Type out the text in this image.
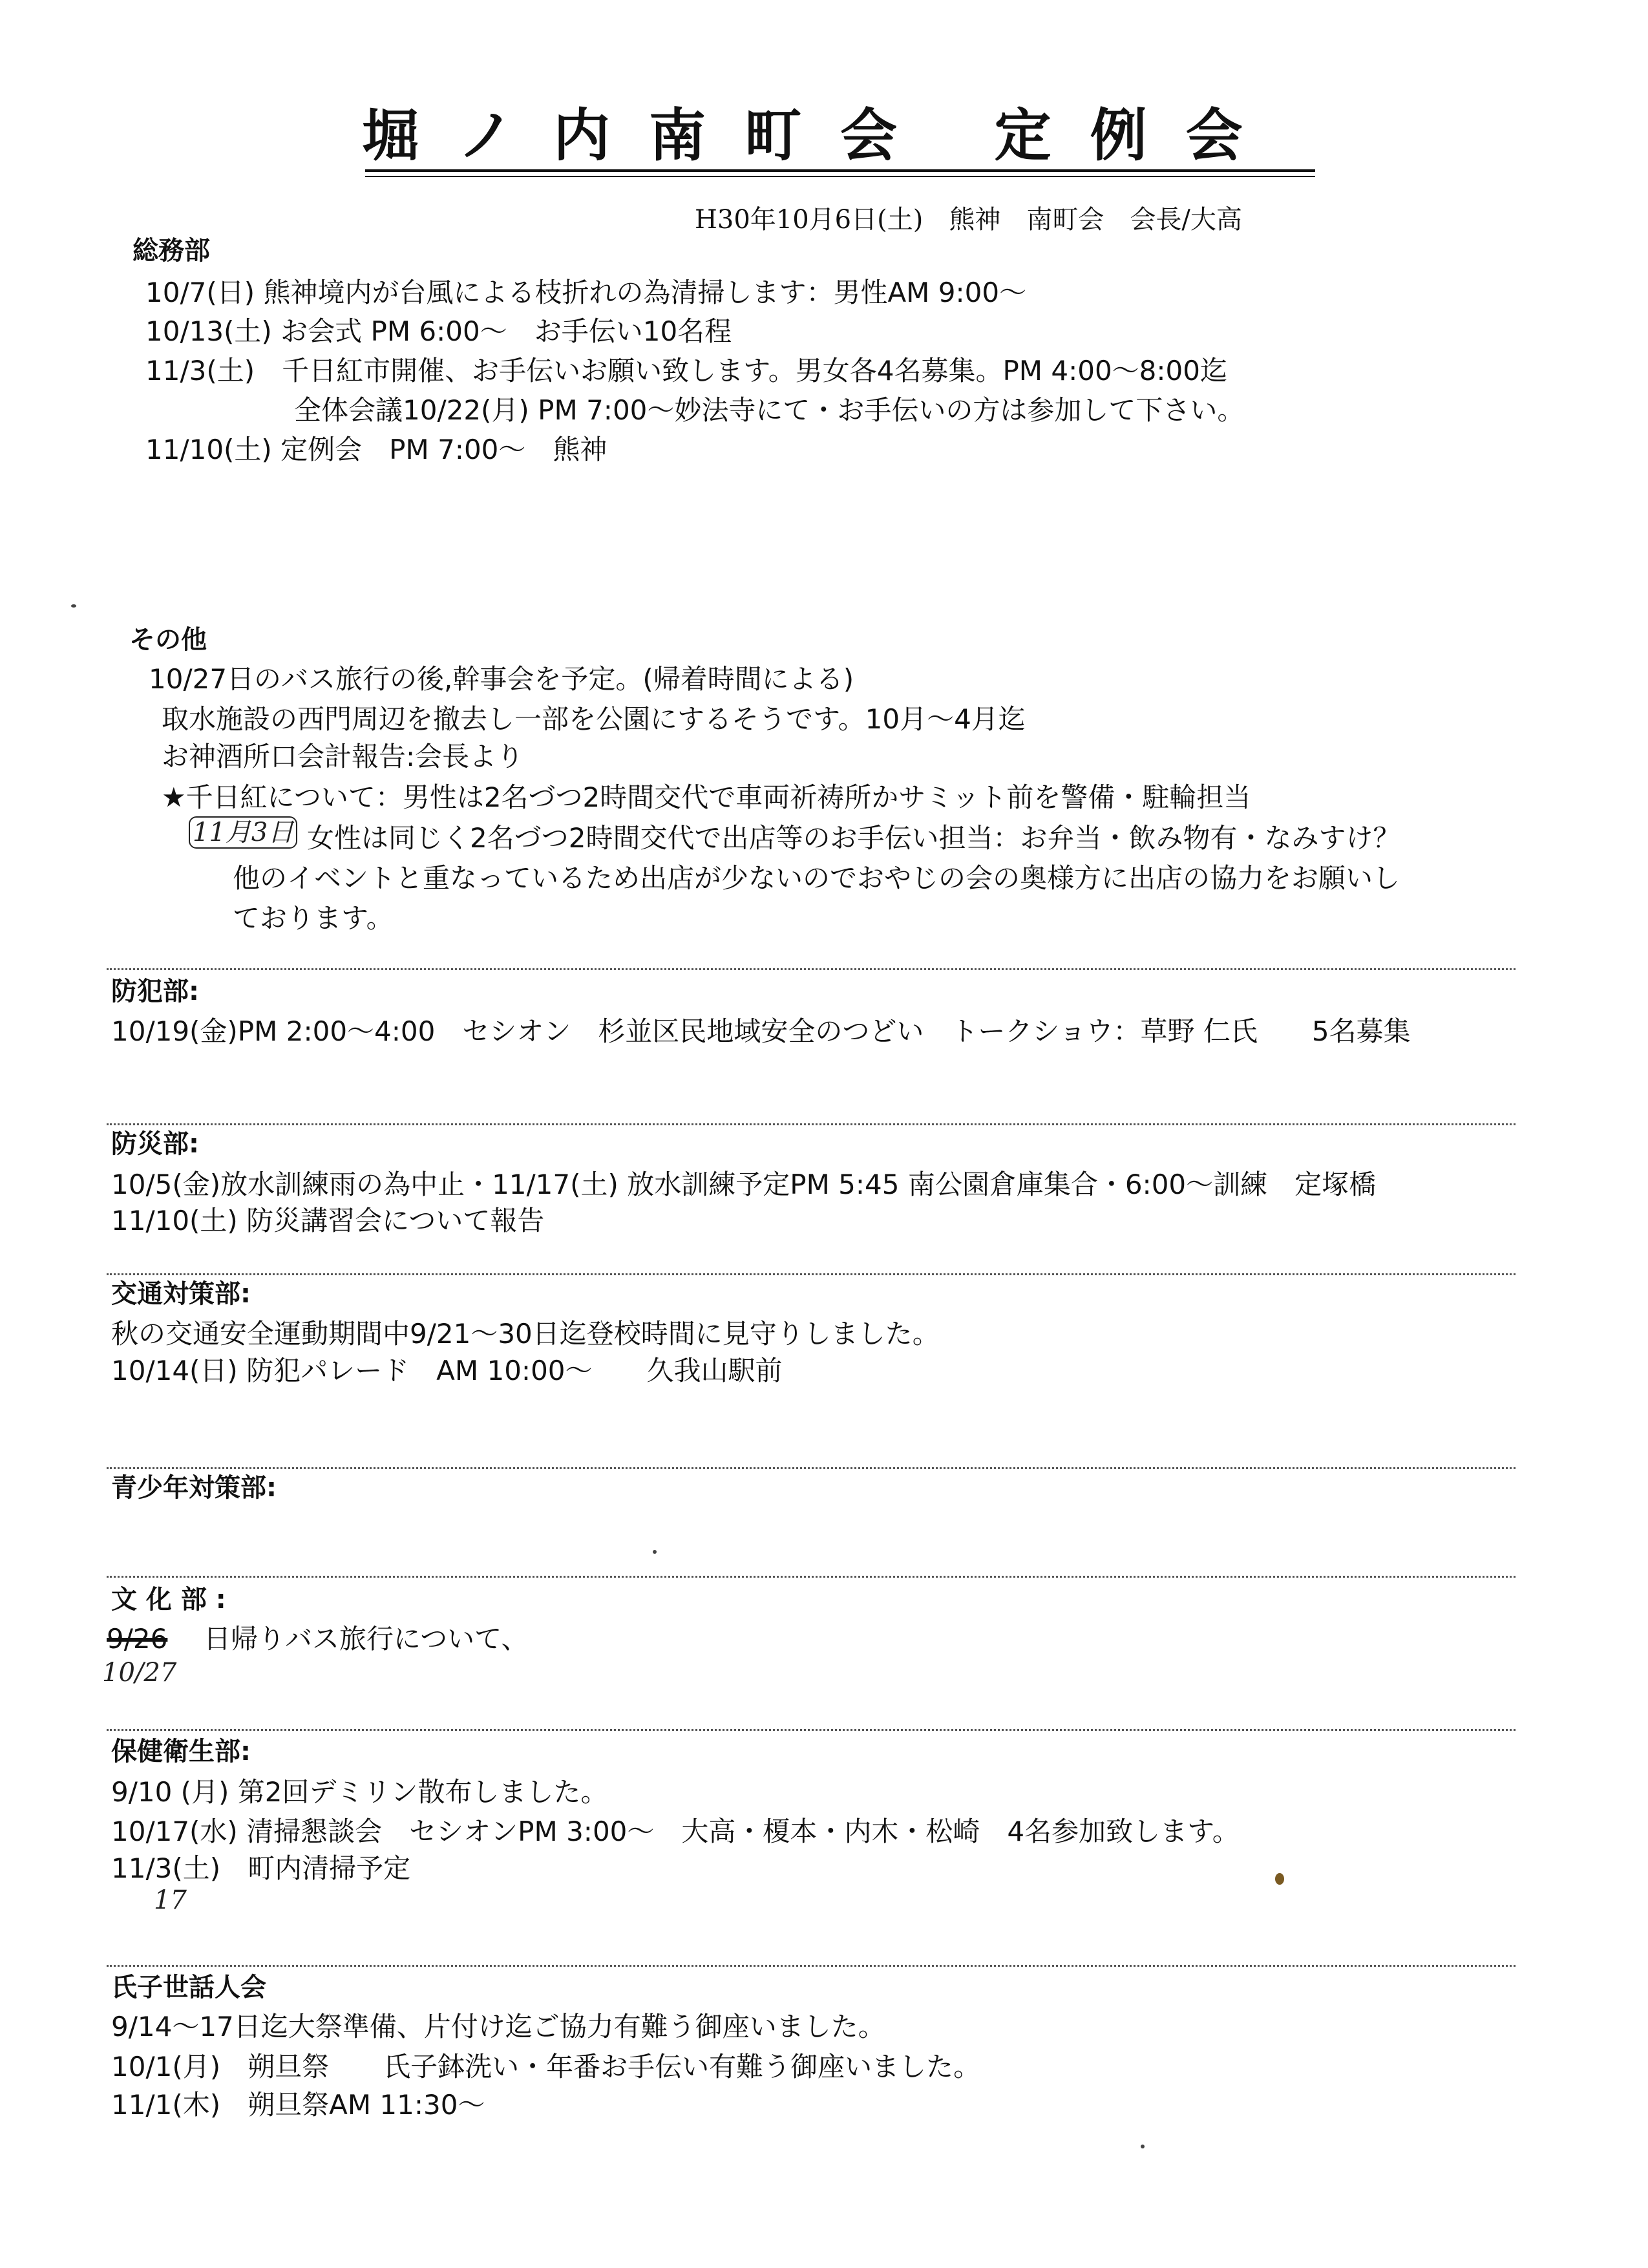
堀ノ内南町会 定例会
H30年10月6日(土)　熊神　南町会　会長/大高
総務部
10/7(日) 熊神境内が台風による枝折れの為清掃します：男性AM 9:00～
10/13(土) お会式 PM 6:00～　お手伝い10名程
11/3(土)　千日紅市開催、お手伝いお願い致します。男女各4名募集。PM 4:00～8:00迄
全体会議10/22(月) PM 7:00～妙法寺にて・お手伝いの方は参加して下さい。
11/10(土) 定例会　PM 7:00～　熊神
その他
10/27日のバス旅行の後,幹事会を予定。(帰着時間による)
取水施設の西門周辺を撤去し一部を公園にするそうです。10月～4月迄
お神酒所口会計報告:会長より
★千日紅について：男性は2名づつ2時間交代で車両祈祷所かサミット前を警備・駐輪担当
11月3日 女性は同じく2名づつ2時間交代で出店等のお手伝い担当：お弁当・飲み物有・なみすけ？
他のイベントと重なっているため出店が少ないのでおやじの会の奥様方に出店の協力をお願いし
ております。
防犯部:
10/19(金)PM 2:00～4:00　セシオン　杉並区民地域安全のつどい　トークショウ：草野 仁氏　　5名募集
防災部:
10/5(金)放水訓練雨の為中止・11/17(土) 放水訓練予定PM 5:45 南公園倉庫集合・6:00～訓練　定塚橋
11/10(土) 防災講習会について報告
交通対策部:
秋の交通安全運動期間中9/21～30日迄登校時間に見守りしました。
10/14(日) 防犯パレード　AM 10:00～　　久我山駅前
青少年対策部:
文 化 部 :
9/26 日帰りバス旅行について、
10/27
保健衛生部:
9/10 (月) 第2回デミリン散布しました。
10/17(水) 清掃懇談会　セシオンPM 3:00～　大高・榎本・内木・松崎　4名参加致します。
11/3(土)　町内清掃予定
17
氏子世話人会
9/14～17日迄大祭準備、片付け迄ご協力有難う御座いました。
10/1(月)　朔旦祭　　氏子鉢洗い・年番お手伝い有難う御座いました。
11/1(木)　朔旦祭AM 11:30～
